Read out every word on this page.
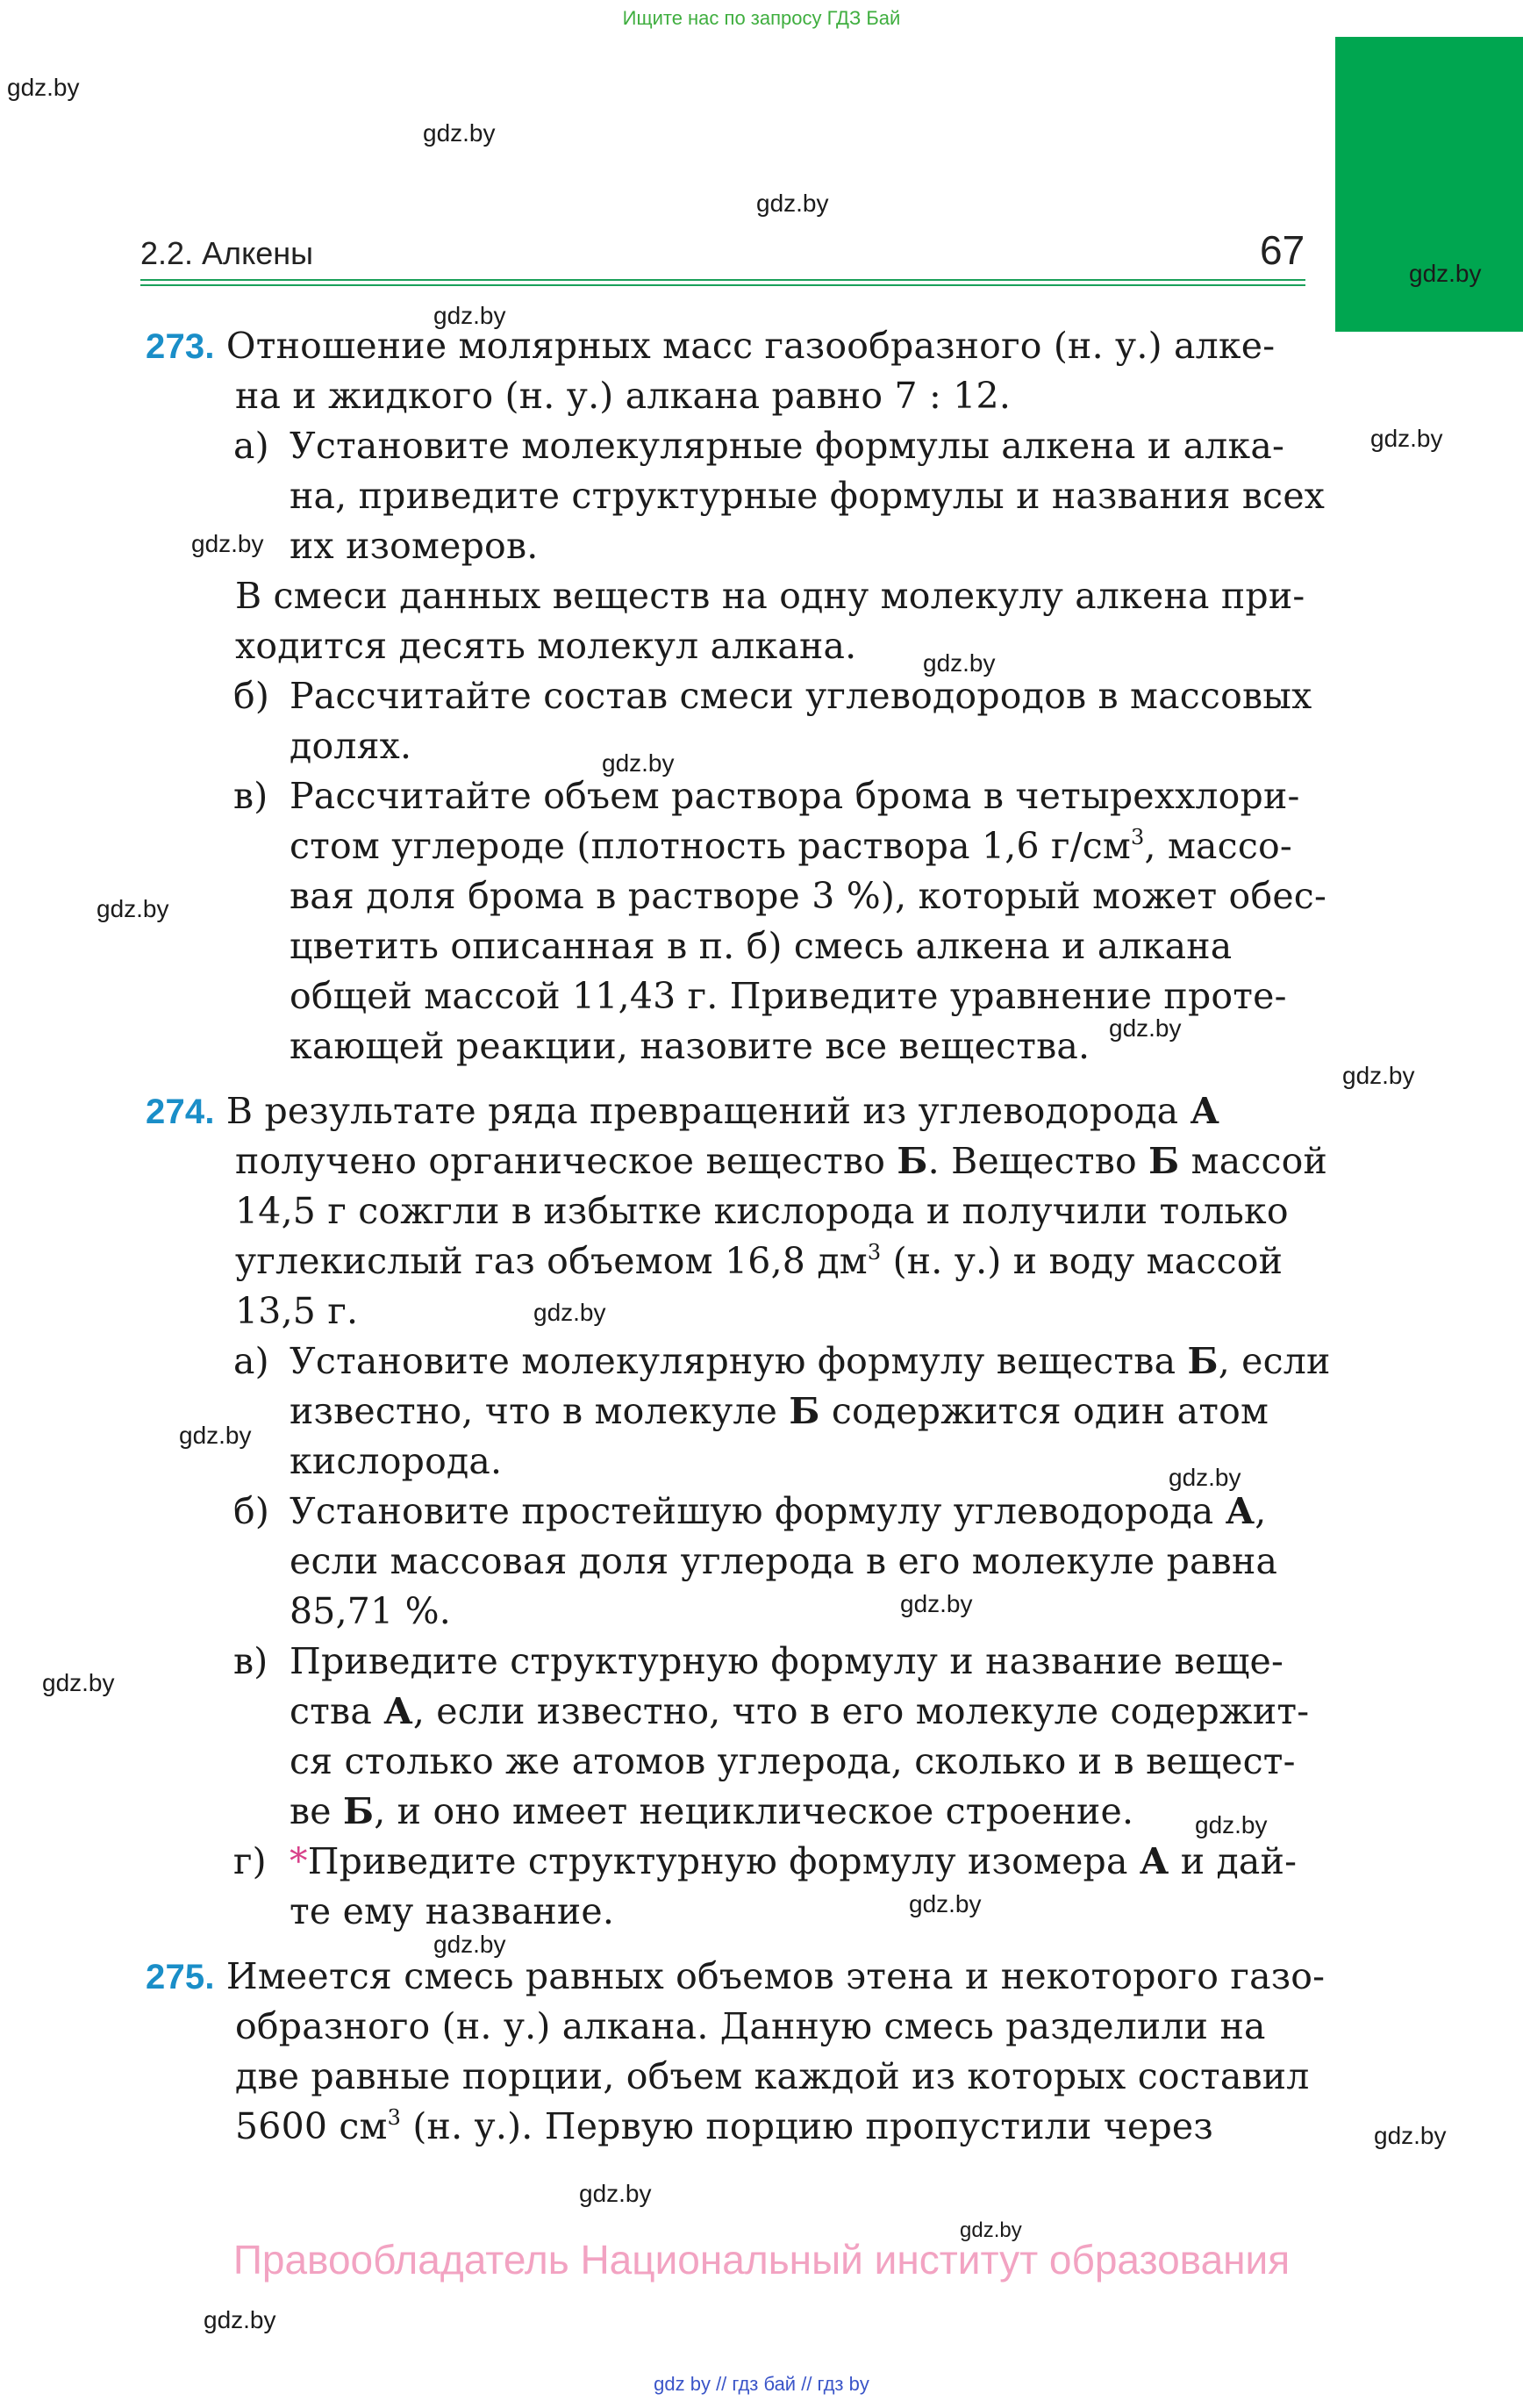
Ищите нас по запросу ГДЗ Бай
2.2. Алкены	67
273. Отношение молярных масс газообразного (н. у.) алке-
на и жидкого (н. у.) алкана равно 7 : 12.
а) Установите молекулярные формулы алкена и алка-
на, приведите структурные формулы и названия всех
их изомеров.
В смеси данных веществ на одну молекулу алкена при-
ходится десять молекул алкана.
б) Рассчитайте состав смеси углеводородов в массовых
долях.
в) Рассчитайте объем раствора брома в четыреххлори-
стом углероде (плотность раствора 1,6 $г/см^3$, массо-
вая доля брома в растворе 3 %), который может обес-
цветить описанная в п. б) смесь алкена и алкана
общей массой 11,43 г. Приведите уравнение проте-
кающей реакции, назовите все вещества.
274. В результате ряда превращений из углеводорода А
получено органическое вещество Б. Вещество Б массой
14,5 г сожгли в избытке кислорода и получили только
углекислый газ объемом 16,8 $дм^3$ (н. у.) и воду массой
13,5 г.
а) Установите молекулярную формулу вещества Б, если
известно, что в молекуле Б содержится один атом
кислорода.
б) Установите простейшую формулу углеводорода А,
если массовая доля углерода в его молекуле равна
85,71 %.
в) Приведите структурную формулу и название веще-
ства А, если известно, что в его молекуле содержит-
ся столько же атомов углерода, сколько и в вещест-
ве Б, и оно имеет нециклическое строение.
г) *Приведите структурную формулу изомера А и дай-
те ему название.
275. Имеется смесь равных объемов этена и некоторого газо-
образного (н. у.) алкана. Данную смесь разделили на
две равные порции, объем каждой из которых составил
5600 $см^3$ (н. у.). Первую порцию пропустили через
gdz.by
gdz.by
gdz.by
gdz.by
gdz.by
gdz.by
gdz.by
gdz.by
gdz.by
gdz.by
gdz.by
gdz.by
gdz.by
gdz.by
gdz.by
gdz.by
gdz.by
gdz.by
gdz.by
gdz.by
gdz.by
gdz.by
gdz.by
gdz.by
Правообладатель Национальный институт образования
gdz by // гдз бай // гдз by
